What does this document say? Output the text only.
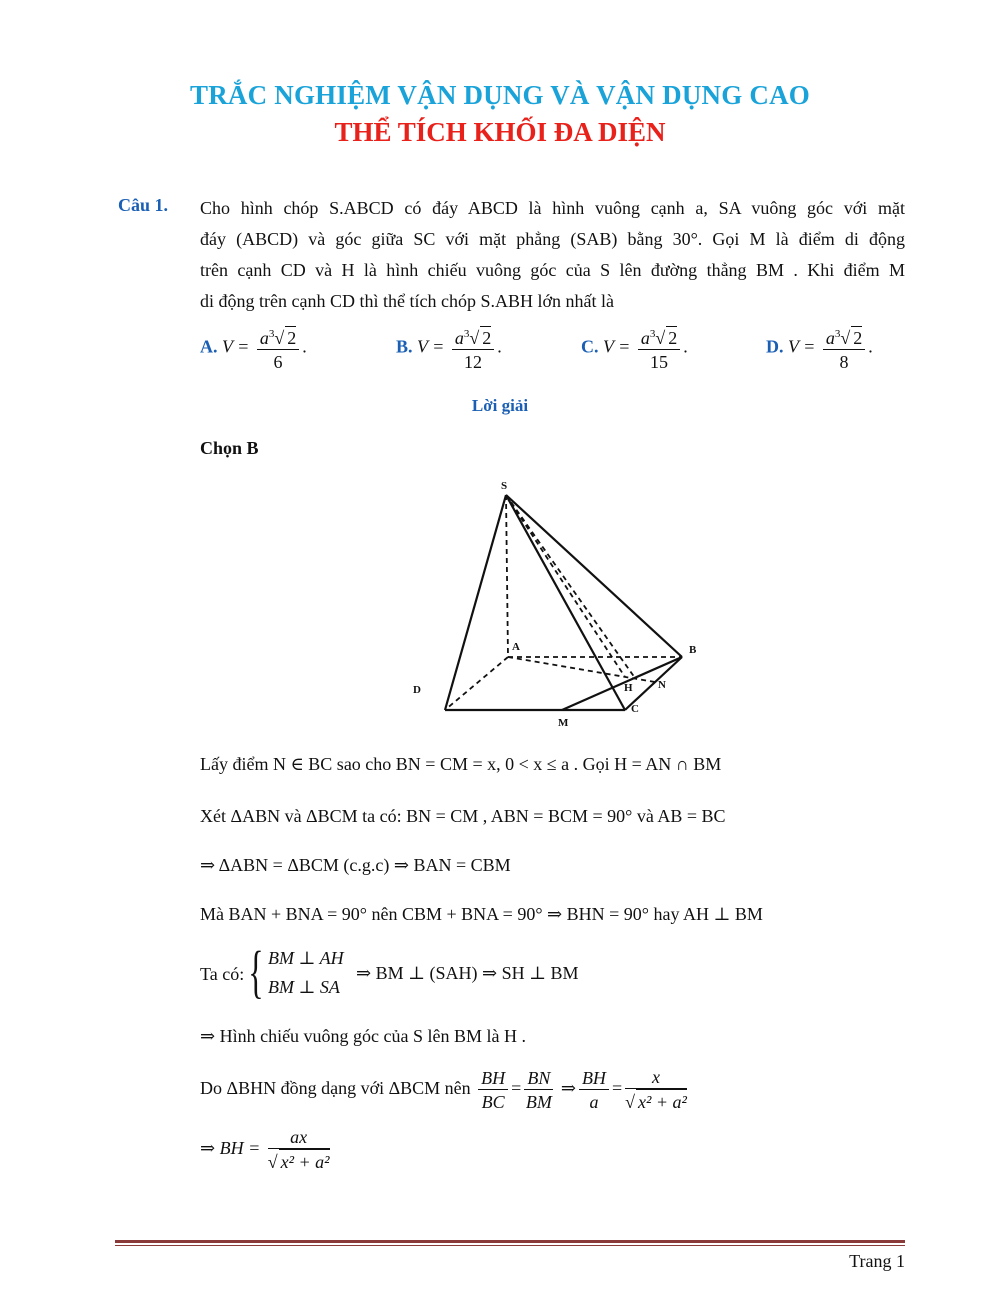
TRẮC NGHIỆM VẬN DỤNG VÀ VẬN DỤNG CAO
THỂ TÍCH KHỐI ĐA DIỆN
Câu 1. Cho hình chóp S.ABCD có đáy ABCD là hình vuông cạnh a, SA vuông góc với mặt
đáy (ABCD) và góc giữa SC với mặt phẳng (SAB) bằng 30°. Gọi M là điểm di động
trên cạnh CD và H là hình chiếu vuông góc của S lên đường thẳng BM . Khi điểm M
di động trên cạnh CD thì thể tích chóp S.ABH lớn nhất là
A. $V = \frac{a^3√ 2}{6}$ .	B. $V = \frac{a^3√ 2}{12}$ .	C. $V = \frac{a^3√ 2}{15}$ .	D. $V = \frac{a^3√ 2}{8}$ .
Lời giải
Chọn B
S
A	B
C
D
M
H N
Lấy điểm N ∈ BC sao cho BN = CM = x, 0 < x ≤ a . Gọi H = AN ∩ BM
Xét ΔABN và ΔBCM ta có: BN = CM , ABN = BCM = 90° và AB = BC
⇒ ΔABN = ΔBCM (c.g.c) ⇒ BAN = CBM
Mà BAN + BNA = 90° nên CBM + BNA = 90° ⇒ BHN = 90° hay AH ⊥ BM
Ta có: { BM ⊥ AH
BM ⊥ SA
⇒ BM ⊥ (SAH) ⇒ SH ⊥ BM
⇒ Hình chiếu vuông góc của S lên BM là H .
Do ΔBHN đồng dạng với ΔBCM nên $\frac{BH}{BC} = \frac{BN}{BM}$ ⇒ $\frac{BH}{a} = \frac{x}{\text{√ x² + a²}}$
⇒ BH = $\frac{ax}{\text{√ x² + a²}}$
Trang 1
